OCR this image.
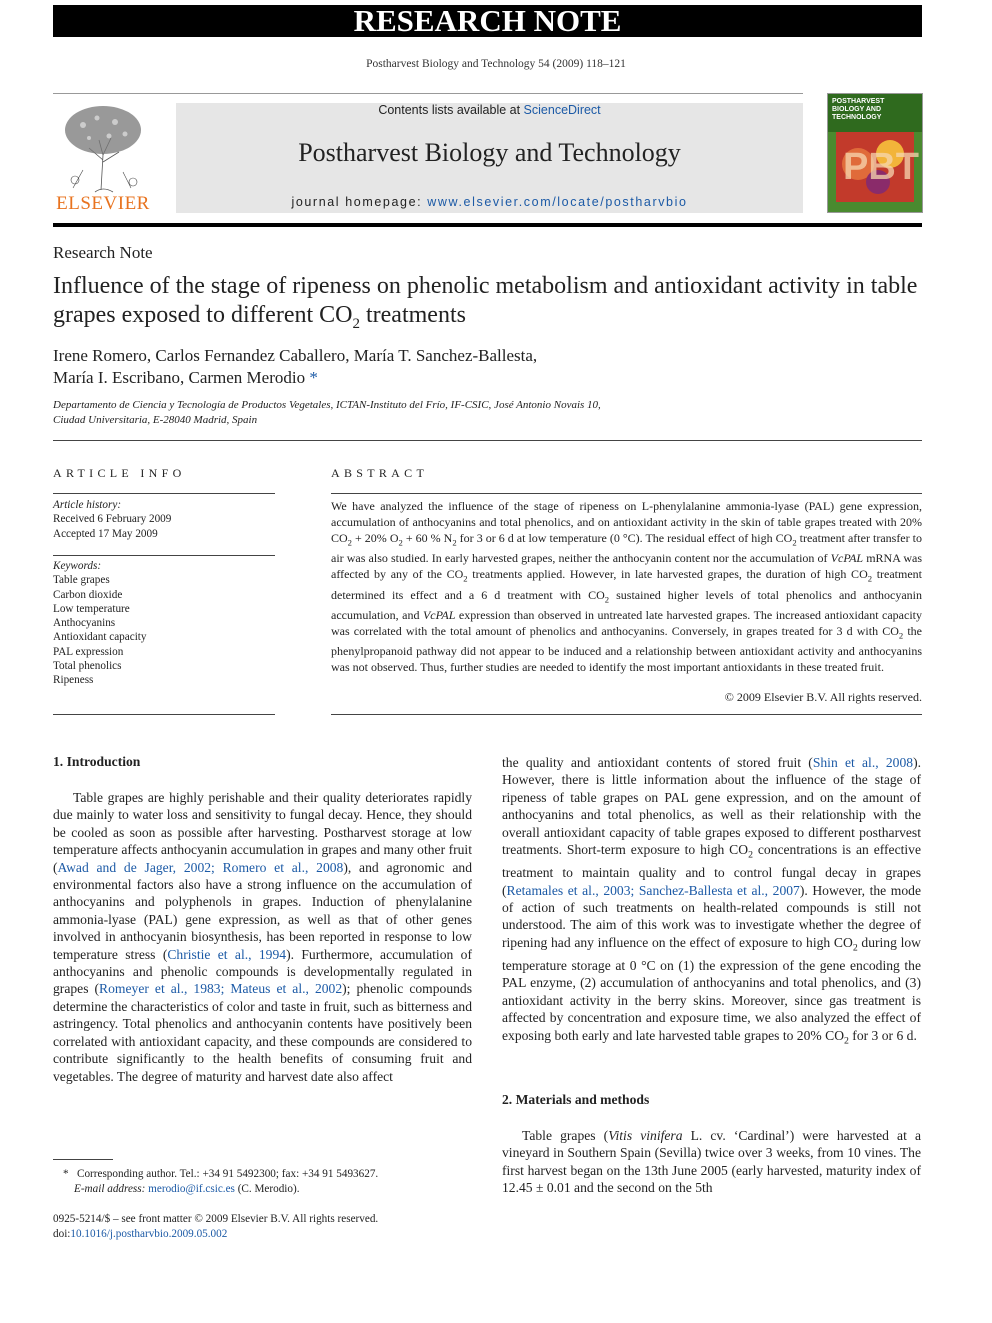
RESEARCH NOTE
Postharvest Biology and Technology 54 (2009) 118–121
ELSEVIER
Contents lists available at ScienceDirect
Postharvest Biology and Technology
journal homepage: www.elsevier.com/locate/postharvbio
PBT
POSTHARVEST BIOLOGY AND TECHNOLOGY
Research Note
Influence of the stage of ripeness on phenolic metabolism and antioxidant activity in table grapes exposed to different $CO_2$ treatments
Irene Romero, Carlos Fernandez Caballero, María T. Sanchez-Ballesta,
María I. Escribano, Carmen Merodio *
Departamento de Ciencia y Tecnología de Productos Vegetales, ICTAN-Instituto del Frío, IF-CSIC, José Antonio Novais 10,
Ciudad Universitaria, E-28040 Madrid, Spain
ARTICLE INFO
Article history:
Received 6 February 2009
Accepted 17 May 2009
Keywords:
Table grapes
Carbon dioxide
Low temperature
Anthocyanins
Antioxidant capacity
PAL expression
Total phenolics
Ripeness
ABSTRACT
We have analyzed the influence of the stage of ripeness on L-phenylalanine ammonia-lyase (PAL) gene expression, accumulation of anthocyanins and total phenolics, and on antioxidant activity in the skin of table grapes treated with 20% $CO_2 + 20\%$ $O_2 + 60$ % $N_2$ for 3 or 6 d at low temperature (0 °C). The residual effect of high $CO_2$ treatment after transfer to air was also studied. In early harvested grapes, neither the anthocyanin content nor the accumulation of VcPAL mRNA was affected by any of the $CO_2$ treatments applied. However, in late harvested grapes, the duration of high $CO_2$ treatment determined its effect and a 6 d treatment with $CO_2$ sustained higher levels of total phenolics and anthocyanin accumulation, and VcPAL expression than observed in untreated late harvested grapes. The increased antioxidant capacity was correlated with the total amount of phenolics and anthocyanins. Conversely, in grapes treated for 3 d with $CO_2$ the phenylpropanoid pathway did not appear to be induced and a relationship between antioxidant activity and anthocyanins was not observed. Thus, further studies are needed to identify the most important antioxidants in these treated fruit.
© 2009 Elsevier B.V. All rights reserved.
1. Introduction
Table grapes are highly perishable and their quality deteriorates rapidly due mainly to water loss and sensitivity to fungal decay. Hence, they should be cooled as soon as possible after harvesting. Postharvest storage at low temperature affects anthocyanin accumulation in grapes and many other fruit (Awad and de Jager, 2002; Romero et al., 2008), and agronomic and environmental factors also have a strong influence on the accumulation of anthocyanins and polyphenols in grapes. Induction of phenylalanine ammonia-lyase (PAL) gene expression, as well as that of other genes involved in anthocyanin biosynthesis, has been reported in response to low temperature stress (Christie et al., 1994). Furthermore, accumulation of anthocyanins and phenolic compounds is developmentally regulated in grapes (Romeyer et al., 1983; Mateus et al., 2002); phenolic compounds determine the characteristics of color and taste in fruit, such as bitterness and astringency. Total phenolics and anthocyanin contents have positively been correlated with antioxidant capacity, and these compounds are considered to contribute significantly to the health benefits of consuming fruit and vegetables. The degree of maturity and harvest date also affect
the quality and antioxidant contents of stored fruit (Shin et al., 2008). However, there is little information about the influence of the stage of ripeness of table grapes on PAL gene expression, and on the amount of anthocyanins and total phenolics, as well as their relationship with the overall antioxidant capacity of table grapes exposed to different postharvest treatments. Short-term exposure to high $CO_2$ concentrations is an effective treatment to maintain quality and to control fungal decay in grapes (Retamales et al., 2003; Sanchez-Ballesta et al., 2007). However, the mode of action of such treatments on health-related compounds is still not understood. The aim of this work was to investigate whether the degree of ripening had any influence on the effect of exposure to high $CO_2$ during low temperature storage at 0 °C on (1) the expression of the gene encoding the PAL enzyme, (2) accumulation of anthocyanins and total phenolics, and (3) antioxidant activity in the berry skins. Moreover, since gas treatment is affected by concentration and exposure time, we also analyzed the effect of exposing both early and late harvested table grapes to 20% $CO_2$ for 3 or 6 d.
2. Materials and methods
Table grapes (Vitis vinifera L. cv. ‘Cardinal’) were harvested at a vineyard in Southern Spain (Sevilla) twice over 3 weeks, from 10 vines. The first harvest began on the 13th June 2005 (early harvested, maturity index of 12.45 ± 0.01 and the second on the 5th
* Corresponding author. Tel.: +34 91 5492300; fax: +34 91 5493627.
E-mail address: merodio@if.csic.es (C. Merodio).
0925-5214/$ – see front matter © 2009 Elsevier B.V. All rights reserved.
doi:10.1016/j.postharvbio.2009.05.002
